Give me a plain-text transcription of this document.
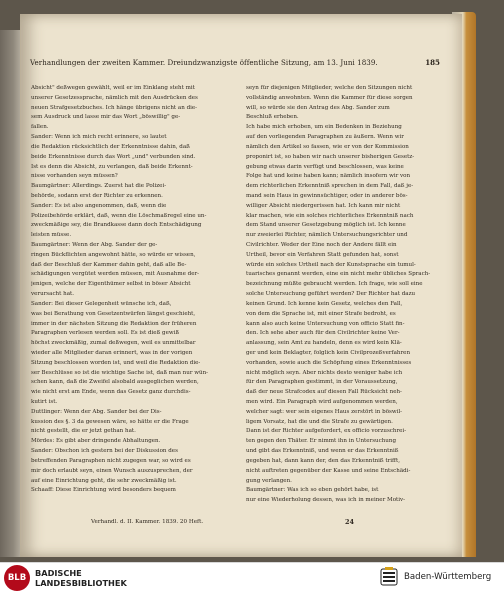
Verhandlungen der zweiten Kammer. Dreiundzwanzigste öffentliche Sitzung, am 13. Juni 1839.	185
Absicht" deßwegen gewählt, weil er im Einklang steht mit
unserer Gesetzessprache, nämlich mit den Ausdrücken des
neuen Strafgesetzbuches. Ich hänge übrigens nicht an die-
sem Ausdruck und lasse mir das Wort „böswillig" ge-
fallen.
Sander: Wenn ich mich recht erinnere, so lautet
die Redaktion rücksichtlich der Erkenntnisse dahin, daß
beide Erkenntnisse durch das Wort „und" verbunden sind.
Ist es denn die Absicht, zu verlangen, daß beide Erkennt-
nisse vorhanden seyn müssen?
Baumgärtner: Allerdings. Zuerst hat die Polizei-
behörde, sodann erst der Richter zu erkennen.
Sander: Es ist also angenommen, daß, wenn die
Polizeibehörde erklärt, daß, wenn die Löschmaßregel eine un-
zweckmäßige sey, die Brandkasse dann doch Entschädigung
leisten müsse.
Baumgärtner: Wenn der Abg. Sander der ge-
ringen Bückflichten angewohnt hätte, so würde er wissen,
daß der Beschluß der Kammer dahin geht, daß alle Be-
schädigungen vergütet werden müssen, mit Ausnahme der-
jenigen, welche der Eigenthümer selbst in böser Absicht
verursacht hat.
Sander: Bei dieser Gelegenheit wünsche ich, daß,
was bei Berathung von Gesetzentwürfen längst geschieht,
immer in der nächsten Sitzung die Redaktion der früheren
Paragraphen verlesen werden soll. Es ist dieß gewiß
höchst zweckmäßig, zumal deßwegen, weil es unmittelbar
wieder alle Mitglieder daran erinnert, was in der vorigen
Sitzung beschlossen worden ist, und weil die Redaktion die-
ser Beschlüsse so ist die wichtige Sache ist, daß man nur wün-
schen kann, daß die Zweifel alsobald ausgeglichen werden,
wie nicht erst am Ende, wenn das Gesetz ganz durchdis-
kutirt ist.
Duttlinger: Wenn der Abg. Sander bei der Dis-
kussion des §. 3 da gewesen wäre, so hätte er die Frage
nicht gestellt, die er jetzt gethan hat.
Mördes: Es gibt aber dringende Abhaltungen.
Sander: Obschon ich gestern bei der Diskussion des
betreffenden Paragraphen nicht zugegen war, so wird es
mir doch erlaubt seyn, einen Wunsch auszusprechen, der
auf eine Einrichtung geht, die sehr zweckmäßig ist.
Schaaff: Diese Einrichtung wird besonders bequem
seyn für diejenigen Mitglieder, welche den Sitzungen nicht
vollständig anwohnten. Wenn die Kammer für diese sorgen
will, so würde sie den Antrag des Abg. Sander zum
Beschluß erheben.
Ich habe mich erhoben, um ein Bedenken in Beziehung
auf den vorliegenden Paragraphen zu äußern. Wenn wir
nämlich den Artikel so fassen, wie er von der Kommission
proponirt ist, so haben wir nach unserer bisherigen Gesetz-
gebung etwas darin verfügt und beschlossen, was keine
Folge hat und keine haben kann; nämlich insofern wir von
dem richterlichen Erkenntniß sprechen in dem Fall, daß je-
mand sein Haus in gewinnsüchtiger, oder in anderer bös-
williger Absicht niedergerissen hat. Ich kann mir nicht
klar machen, wie ein solches richterliches Erkenntniß nach
dem Stand unserer Gesetzgebung möglich ist. Ich kenne
nur zweierlei Richter, nämlich Untersuchungsrichter und
Civilrichter. Weder der Eine noch der Andere fällt ein
Urtheil, bevor ein Verfahren Statt gefunden hat, sonst
würde ein solches Urtheil nach der Kunstsprache ein tumul-
tuarisches genannt werden, eine ein nicht mehr übliches Sprach-
bezeichnung müßte gebraucht werden. Ich frage, wie soll eine
solche Untersuchung geführt werden? Der Richter hat dazu
keinen Grund. Ich kenne kein Gesetz, welches den Fall,
von dem die Sprache ist, mit einer Strafe bedroht, es
kann also auch keine Untersuchung von officio Statt fin-
den. Ich sehe aber auch für den Civilrichter keine Ver-
anlassung, sein Amt zu handeln, denn es wird kein Klä-
ger und kein Beklagter, folglich kein Civilprozeßverfahren
vorhanden, sowie auch die Schöpfung eines Erkenntnisses
nicht möglich seyn. Aber nichts desto weniger habe ich
für den Paragraphen gestimmt, in der Voraussetzung,
daß der neue Strafcodex auf diesen Fall Rücksicht neh-
men wird. Ein Paragraph wird aufgenommen werden,
welcher sagt: wer sein eigenes Haus zerstört in böswil-
ligem Vorsatz, hat die und die Strafe zu gewärtigen.
Dann ist der Richter aufgefordert, ex officio vorzuschrei-
ten gegen den Thäter. Er nimmt ihn in Untersuchung
und gibt das Erkenntniß, und wenn er das Erkenntniß
gegeben hat, dann kann der, den das Erkenntniß trifft,
nicht auftreten gegenüber der Kasse und seine Entschädi-
gung verlangen.
Baumgärtner: Was ich so eben gehört habe, ist
nur eine Wiederholung dessen, was ich in meiner Motiv-
Verhandl. d. II. Kammer. 1839. 20 Heft.	24
BLB	BADISCHE
LANDESBIBLIOTHEK
Baden-Württemberg
